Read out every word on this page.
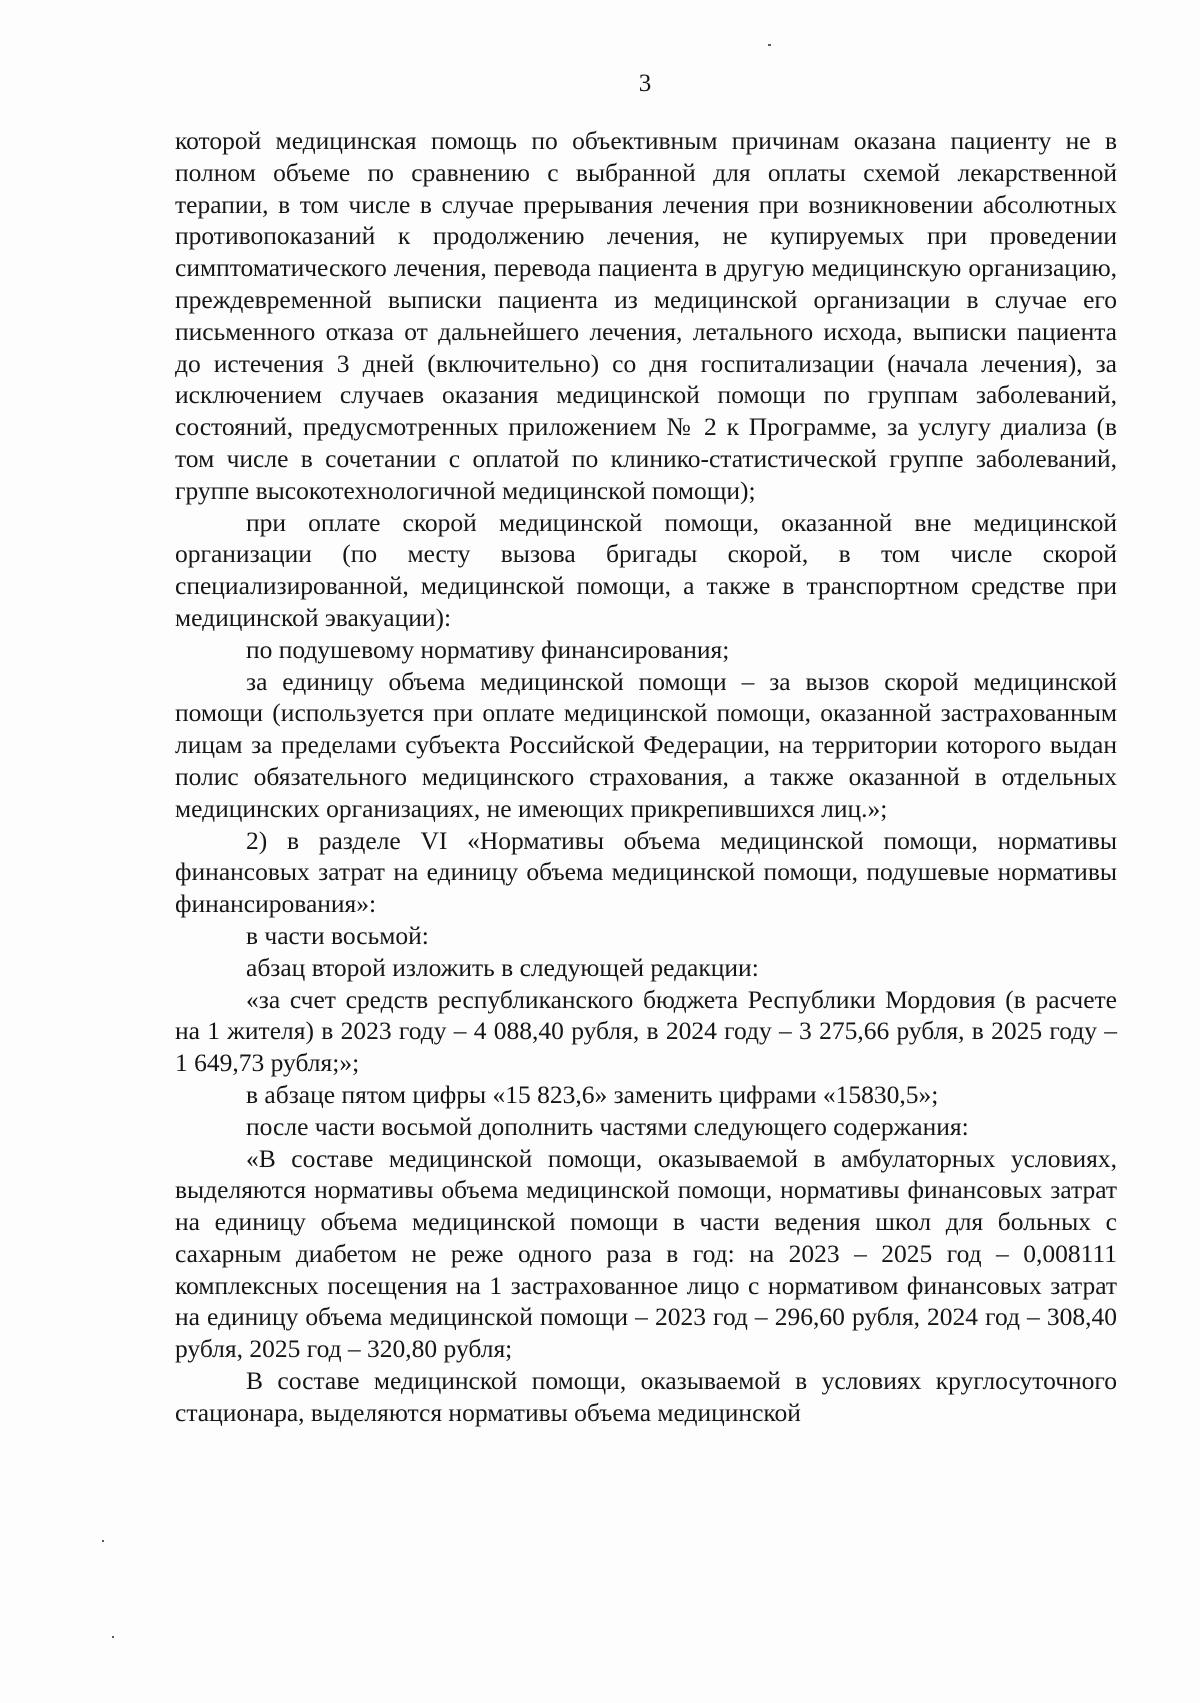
3

которой медицинская помощь по объективным причинам оказана пациенту не в полном объеме по сравнению с выбранной для оплаты схемой лекарственной терапии, в том числе в случае прерывания лечения при возникновении абсолютных противопоказаний к продолжению лечения, не купируемых при проведении симптоматического лечения, перевода пациента в другую медицинскую организацию, преждевременной выписки пациента из медицинской организации в случае его письменного отказа от дальнейшего лечения, летального исхода, выписки пациента до истечения 3 дней (включительно) со дня госпитализации (начала лечения), за исключением случаев оказания медицинской помощи по группам заболеваний, состояний, предусмотренных приложением № 2 к Программе, за услугу диализа (в том числе в сочетании с оплатой по клинико-статистической группе заболеваний, группе высокотехнологичной медицинской помощи);

при оплате скорой медицинской помощи, оказанной вне медицинской организации (по месту вызова бригады скорой, в том числе скорой специализированной, медицинской помощи, а также в транспортном средстве при медицинской эвакуации):

по подушевому нормативу финансирования;

за единицу объема медицинской помощи – за вызов скорой медицинской помощи (используется при оплате медицинской помощи, оказанной застрахованным лицам за пределами субъекта Российской Федерации, на территории которого выдан полис обязательного медицинского страхования, а также оказанной в отдельных медицинских организациях, не имеющих прикрепившихся лиц.»;

2) в разделе VI «Нормативы объема медицинской помощи, нормативы финансовых затрат на единицу объема медицинской помощи, подушевые нормативы финансирования»:

в части восьмой:

абзац второй изложить в следующей редакции:

«за счет средств республиканского бюджета Республики Мордовия (в расчете на 1 жителя) в 2023 году – 4 088,40 рубля, в 2024 году – 3 275,66 рубля, в 2025 году – 1 649,73 рубля;»;

в абзаце пятом цифры «15 823,6» заменить цифрами «15830,5»;

после части восьмой дополнить частями следующего содержания:

«В составе медицинской помощи, оказываемой в амбулаторных условиях, выделяются нормативы объема медицинской помощи, нормативы финансовых затрат на единицу объема медицинской помощи в части ведения школ для больных с сахарным диабетом не реже одного раза в год: на 2023 – 2025 год – 0,008111 комплексных посещения на 1 застрахованное лицо с нормативом финансовых затрат на единицу объема медицинской помощи – 2023 год – 296,60 рубля, 2024 год – 308,40 рубля, 2025 год – 320,80 рубля;

В составе медицинской помощи, оказываемой в условиях круглосуточного стационара, выделяются нормативы объема медицинской
